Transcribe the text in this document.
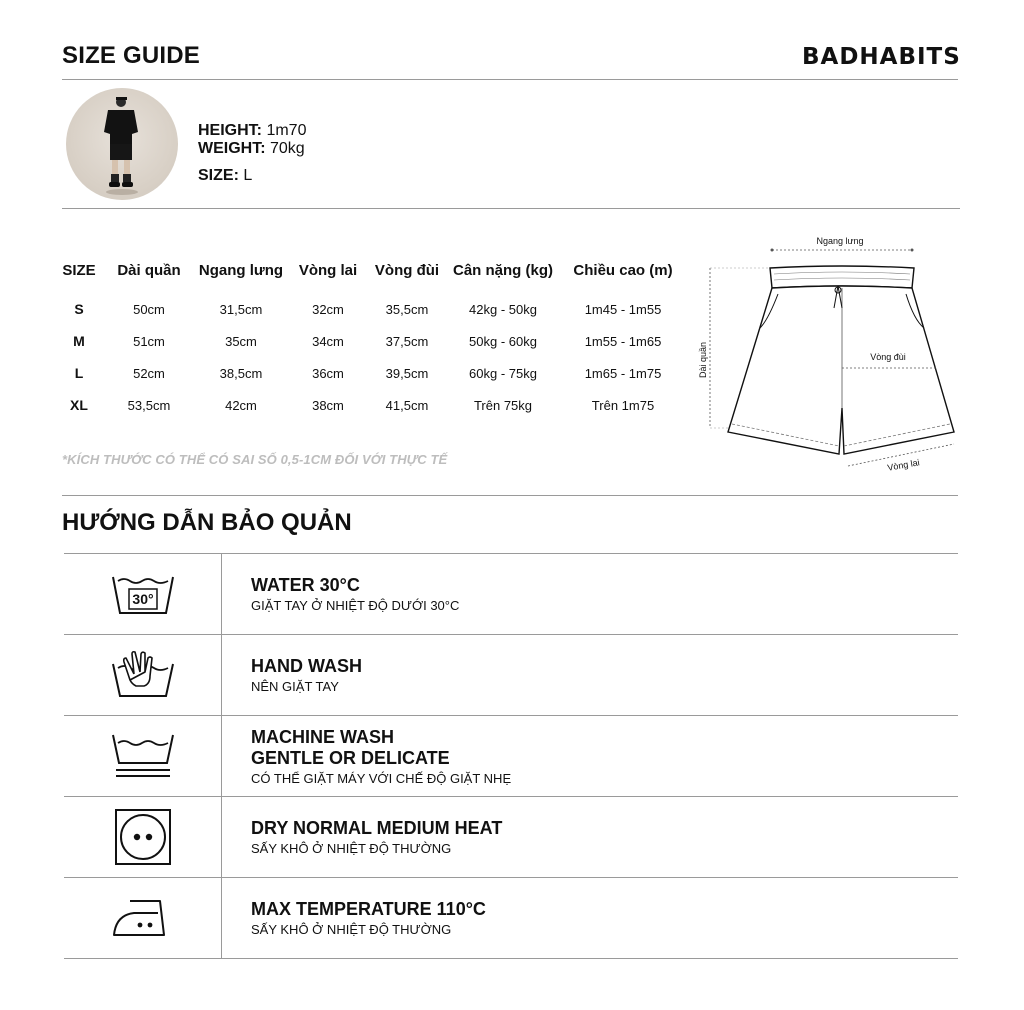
SIZE GUIDE	BADHABITS
HEIGHT: 1m70
WEIGHT: 70kg
SIZE: L
SIZE	Dài quần	Ngang lưng	Vòng lai	Vòng đùi	Cân nặng (kg)	Chiều cao (m)
S	50cm	31,5cm	32cm	35,5cm	42kg - 50kg	1m45 - 1m55
M	51cm	35cm	34cm	37,5cm	50kg - 60kg	1m55 - 1m65
L	52cm	38,5cm	36cm	39,5cm	60kg - 75kg	1m65 - 1m75
XL	53,5cm	42cm	38cm	41,5cm	Trên 75kg	Trên 1m75
Ngang lưng
Dài quần	Vòng đùi
Vòng lai
*KÍCH THƯỚC CÓ THỂ CÓ SAI SỐ 0,5-1CM ĐỐI VỚI THỰC TẾ
HƯỚNG DẪN BẢO QUẢN
30°
WATER 30°C
GIẶT TAY Ở NHIỆT ĐỘ DƯỚI 30°C
HAND WASH
NÊN GIẶT TAY
MACHINE WASH
GENTLE OR DELICATE
CÓ THỂ GIẶT MÁY VỚI CHẾ ĐỘ GIẶT NHẸ
DRY NORMAL MEDIUM HEAT
SẤY KHÔ Ở NHIỆT ĐỘ THƯỜNG
MAX TEMPERATURE 110°C
SẤY KHÔ Ở NHIỆT ĐỘ THƯỜNG
